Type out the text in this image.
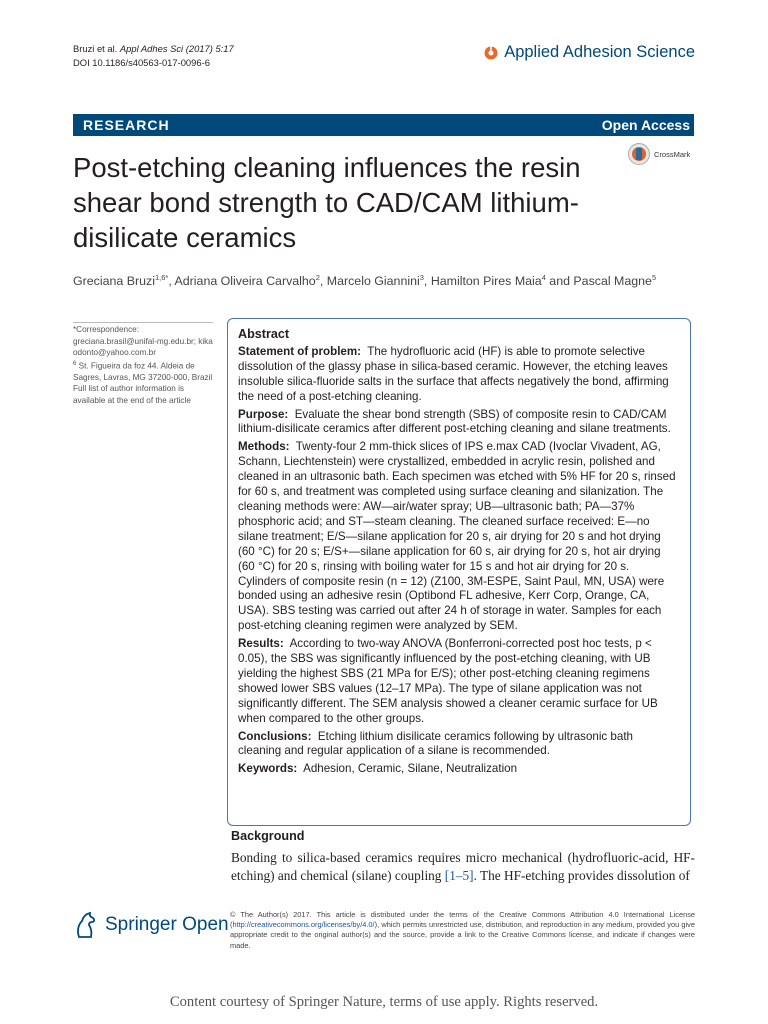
Bruzi et al. Appl Adhes Sci (2017) 5:17
DOI 10.1186/s40563-017-0096-6
Applied Adhesion Science
RESEARCH	Open Access
CrossMark
Post-etching cleaning influences the resin shear bond strength to CAD/CAM lithium-disilicate ceramics
Greciana Bruzi$^{1,6*}$, Adriana Oliveira Carvalho$^2$, Marcelo Giannini$^3$, Hamilton Pires Maia$^4$ and Pascal Magne$^5$

*Correspondence:

greciana.brasil@unifal-mg.edu.br; kikaodonto@yahoo.com.br

$^6$ St. Figueira da foz 44. Aldeia de Sagres, Lavras, MG 37200-000, Brazil

Full list of author information is available at the end of the article

Abstract

Statement of problem: The hydrofluoric acid (HF) is able to promote selective dissolution of the glassy phase in silica-based ceramic. However, the etching leaves insoluble silica-fluoride salts in the surface that affects negatively the bond, affirming the need of a post-etching cleaning.

Purpose: Evaluate the shear bond strength (SBS) of composite resin to CAD/CAM lithium-disilicate ceramics after different post-etching cleaning and silane treatments.

Methods: Twenty-four 2 mm-thick slices of IPS e.max CAD (Ivoclar Vivadent, AG, Schann, Liechtenstein) were crystallized, embedded in acrylic resin, polished and cleaned in an ultrasonic bath. Each specimen was etched with 5% HF for 20 s, rinsed for 60 s, and treatment was completed using surface cleaning and silanization. The cleaning methods were: AW—air/water spray; UB—ultrasonic bath; PA—37% phosphoric acid; and ST—steam cleaning. The cleaned surface received: E—no silane treatment; E/S—silane application for 20 s, air drying for 20 s and hot drying (60 °C) for 20 s; E/S+—silane application for 60 s, air drying for 20 s, hot air drying (60 °C) for 20 s, rinsing with boiling water for 15 s and hot air drying for 20 s. Cylinders of composite resin (n = 12) (Z100, 3M-ESPE, Saint Paul, MN, USA) were bonded using an adhesive resin (Optibond FL adhesive, Kerr Corp, Orange, CA, USA). SBS testing was carried out after 24 h of storage in water. Samples for each post-etching cleaning regimen were analyzed by SEM.

Results: According to two-way ANOVA (Bonferroni-corrected post hoc tests, p < 0.05), the SBS was significantly influenced by the post-etching cleaning, with UB yielding the highest SBS (21 MPa for E/S); other post-etching cleaning regimens showed lower SBS values (12–17 MPa). The type of silane application was not significantly different. The SEM analysis showed a cleaner ceramic surface for UB when compared to the other groups.

Conclusions: Etching lithium disilicate ceramics following by ultrasonic bath cleaning and regular application of a silane is recommended.

Keywords: Adhesion, Ceramic, Silane, Neutralization

Background
Bonding to silica-based ceramics requires micro mechanical (hydrofluoric-acid, HF-etching) and chemical (silane) coupling [1–5]. The HF-etching provides dissolution of
Springer Open © The Author(s) 2017. This article is distributed under the terms of the Creative Commons Attribution 4.0 International License (http://creativecommons.org/licenses/by/4.0/), which permits unrestricted use, distribution, and reproduction in any medium, provided you give appropriate credit to the original author(s) and the source, provide a link to the Creative Commons license, and indicate if changes were made.
Content courtesy of Springer Nature, terms of use apply. Rights reserved.
